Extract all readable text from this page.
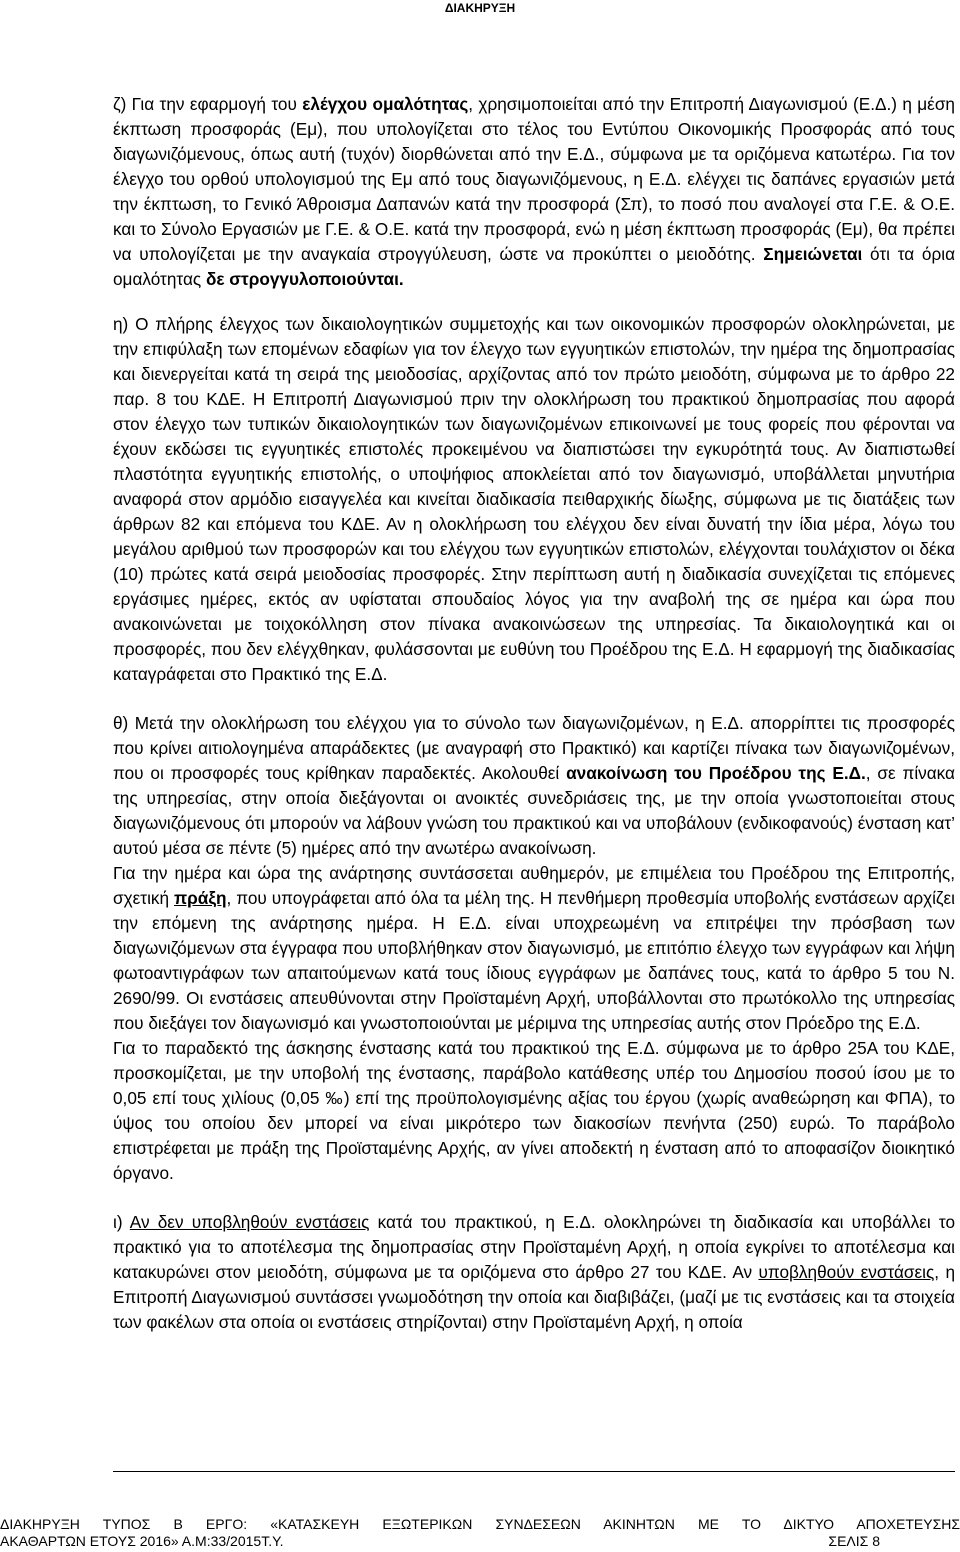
ΔΙΑΚΗΡΥΞΗ

ζ) Για την εφαρμογή του ελέγχου ομαλότητας, χρησιμοποιείται από την Επιτροπή Διαγωνισμού (Ε.Δ.) η μέση έκπτωση προσφοράς (Εμ), που υπολογίζεται στο τέλος του Εντύπου Οικονομικής Προσφοράς από τους διαγωνιζόμενους, όπως αυτή (τυχόν) διορθώνεται από την Ε.Δ., σύμφωνα με τα οριζόμενα κατωτέρω. Για τον έλεγχο του ορθού υπολογισμού της Εμ από τους διαγωνιζόμενους, η Ε.Δ. ελέγχει τις δαπάνες εργασιών μετά την έκπτωση, το Γενικό Άθροισμα Δαπανών κατά την προσφορά (Σπ), το ποσό που αναλογεί στα Γ.Ε. & Ο.Ε. και το Σύνολο Εργασιών με Γ.Ε. & Ο.Ε. κατά την προσφορά, ενώ η μέση έκπτωση προσφοράς (Εμ), θα πρέπει να υπολογίζεται με την αναγκαία στρογγύλευση, ώστε να προκύπτει ο μειοδότης. Σημειώνεται ότι τα όρια ομαλότητας δε στρογγυλοποιούνται.

η) Ο πλήρης έλεγχος των δικαιολογητικών συμμετοχής και των οικονομικών προσφορών ολοκληρώνεται, με την επιφύλαξη των επομένων εδαφίων για τον έλεγχο των εγγυητικών επιστολών, την ημέρα της δημοπρασίας και διενεργείται κατά τη σειρά της μειοδοσίας, αρχίζοντας από τον πρώτο μειοδότη, σύμφωνα με το άρθρο 22 παρ. 8 του ΚΔΕ. Η Επιτροπή Διαγωνισμού πριν την ολοκλήρωση του πρακτικού δημοπρασίας που αφορά στον έλεγχο των τυπικών δικαιολογητικών των διαγωνιζομένων επικοινωνεί με τους φορείς που φέρονται να έχουν εκδώσει τις εγγυητικές επιστολές προκειμένου να διαπιστώσει την εγκυρότητά τους. Αν διαπιστωθεί πλαστότητα εγγυητικής επιστολής, ο υποψήφιος αποκλείεται από τον διαγωνισμό, υποβάλλεται μηνυτήρια αναφορά στον αρμόδιο εισαγγελέα και κινείται διαδικασία πειθαρχικής δίωξης, σύμφωνα με τις διατάξεις των άρθρων 82 και επόμενα του ΚΔΕ. Αν η ολοκλήρωση του ελέγχου δεν είναι δυνατή την ίδια μέρα, λόγω του μεγάλου αριθμού των προσφορών και του ελέγχου των εγγυητικών επιστολών, ελέγχονται τουλάχιστον οι δέκα (10) πρώτες κατά σειρά μειοδοσίας προσφορές. Στην περίπτωση αυτή η διαδικασία συνεχίζεται τις επόμενες εργάσιμες ημέρες, εκτός αν υφίσταται σπουδαίος λόγος για την αναβολή της σε ημέρα και ώρα που ανακοινώνεται με τοιχοκόλληση στον πίνακα ανακοινώσεων της υπηρεσίας. Τα δικαιολογητικά και οι προσφορές, που δεν ελέγχθηκαν, φυλάσσονται με ευθύνη του Προέδρου της Ε.Δ. Η εφαρμογή της διαδικασίας καταγράφεται στο Πρακτικό της Ε.Δ.

θ) Μετά την ολοκλήρωση του ελέγχου για το σύνολο των διαγωνιζομένων, η Ε.Δ. απορρίπτει τις προσφορές που κρίνει αιτιολογημένα απαράδεκτες (με αναγραφή στο Πρακτικό) και καρτίζει πίνακα των διαγωνιζομένων, που οι προσφορές τους κρίθηκαν παραδεκτές. Ακολουθεί ανακοίνωση του Προέδρου της Ε.Δ., σε πίνακα της υπηρεσίας, στην οποία διεξάγονται οι ανοικτές συνεδριάσεις της, με την οποία γνωστοποιείται στους διαγωνιζόμενους ότι μπορούν να λάβουν γνώση του πρακτικού και να υποβάλουν (ενδικοφανούς) ένσταση κατ’ αυτού μέσα σε πέντε (5) ημέρες από την ανωτέρω ανακοίνωση.

Για την ημέρα και ώρα της ανάρτησης συντάσσεται αυθημερόν, με επιμέλεια του Προέδρου της Επιτροπής, σχετική πράξη, που υπογράφεται από όλα τα μέλη της. Η πενθήμερη προθεσμία υποβολής ενστάσεων αρχίζει την επόμενη της ανάρτησης ημέρα. Η Ε.Δ. είναι υποχρεωμένη να επιτρέψει την πρόσβαση των διαγωνιζόμενων στα έγγραφα που υποβλήθηκαν στον διαγωνισμό, με επιτόπιο έλεγχο των εγγράφων και λήψη φωτοαντιγράφων των απαιτούμενων κατά τους ίδιους εγγράφων με δαπάνες τους, κατά το άρθρο 5 του Ν. 2690/99. Οι ενστάσεις απευθύνονται στην Προϊσταμένη Αρχή, υποβάλλονται στο πρωτόκολλο της υπηρεσίας που διεξάγει τον διαγωνισμό και γνωστοποιούνται με μέριμνα της υπηρεσίας αυτής στον Πρόεδρο της Ε.Δ.

Για το παραδεκτό της άσκησης ένστασης κατά του πρακτικού της Ε.Δ. σύμφωνα με το άρθρο 25Α του ΚΔΕ, προσκομίζεται, με την υποβολή της ένστασης, παράβολο κατάθεσης υπέρ του Δημοσίου ποσού ίσου με το 0,05 επί τους χιλίους (0,05 ‰) επί της προϋπολογισμένης αξίας του έργου (χωρίς αναθεώρηση και ΦΠΑ), το ύψος του οποίου δεν μπορεί να είναι μικρότερο των διακοσίων πενήντα (250) ευρώ. Το παράβολο επιστρέφεται με πράξη της Προϊσταμένης Αρχής, αν γίνει αποδεκτή η ένσταση από το αποφασίζον διοικητικό όργανο.

ι) Αν δεν υποβληθούν ενστάσεις κατά του πρακτικού, η Ε.Δ. ολοκληρώνει τη διαδικασία και υποβάλλει το πρακτικό για το αποτέλεσμα της δημοπρασίας στην Προϊσταμένη Αρχή, η οποία εγκρίνει το αποτέλεσμα και κατακυρώνει στον μειοδότη, σύμφωνα με τα οριζόμενα στο άρθρο 27 του ΚΔΕ. Αν υποβληθούν ενστάσεις, η Επιτροπή Διαγωνισμού συντάσσει γνωμοδότηση την οποία και διαβιβάζει, (μαζί με τις ενστάσεις και τα στοιχεία των φακέλων στα οποία οι ενστάσεις στηρίζονται) στην Προϊσταμένη Αρχή, η οποία

ΔΙΑΚΗΡΥΞΗ ΤΥΠΟΣ Β ΕΡΓΟ: «ΚΑΤΑΣΚΕΥΗ ΕΞΩΤΕΡΙΚΩΝ ΣΥΝΔΕΣΕΩΝ ΑΚΙΝΗΤΩΝ ΜΕ ΤΟ ΔΙΚΤΥΟ ΑΠΟΧΕΤΕΥΣΗΣ
ΑΚΑΘΑΡΤΩΝ ΕΤΟΥΣ 2016» Α.Μ:33/2015Τ.Υ.	ΣΕΛΙΣ 8
